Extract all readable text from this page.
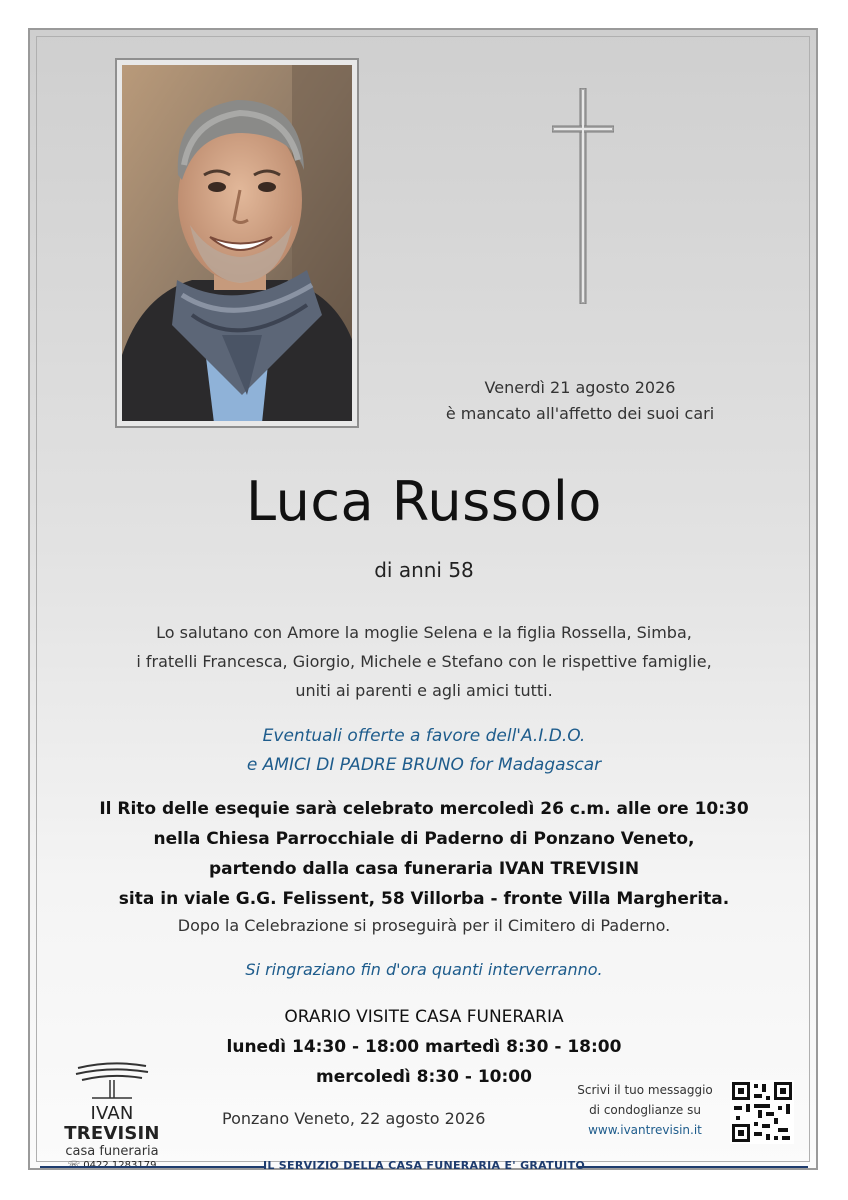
Venerdì 21 agosto 2026
è mancato all'affetto dei suoi cari
Luca Russolo
di anni 58
Lo salutano con Amore la moglie Selena e la figlia Rossella, Simba,
i fratelli Francesca, Giorgio, Michele e Stefano con le rispettive famiglie,
uniti ai parenti e agli amici tutti.
Eventuali offerte a favore dell'A.I.D.O.
e AMICI DI PADRE BRUNO for Madagascar
Il Rito delle esequie sarà celebrato mercoledì 26 c.m. alle ore 10:30
nella Chiesa Parrocchiale di Paderno di Ponzano Veneto,
partendo dalla casa funeraria IVAN TREVISIN
sita in viale G.G. Felissent, 58 Villorba - fronte Villa Margherita.
Dopo la Celebrazione si proseguirà per il Cimitero di Paderno.
Si ringraziano fin d'ora quanti interverranno.
ORARIO VISITE CASA FUNERARIA
lunedì 14:30 - 18:00 martedì 8:30 - 18:00
mercoledì 8:30 - 10:00
IVAN TREVISIN
casa funeraria
Ponzano Veneto, 22 agosto 2026
Scrivi il tuo messaggio
di condoglianze su
www.ivantrevisin.it
IL SERVIZIO DELLA CASA FUNERARIA E' GRATUITO
